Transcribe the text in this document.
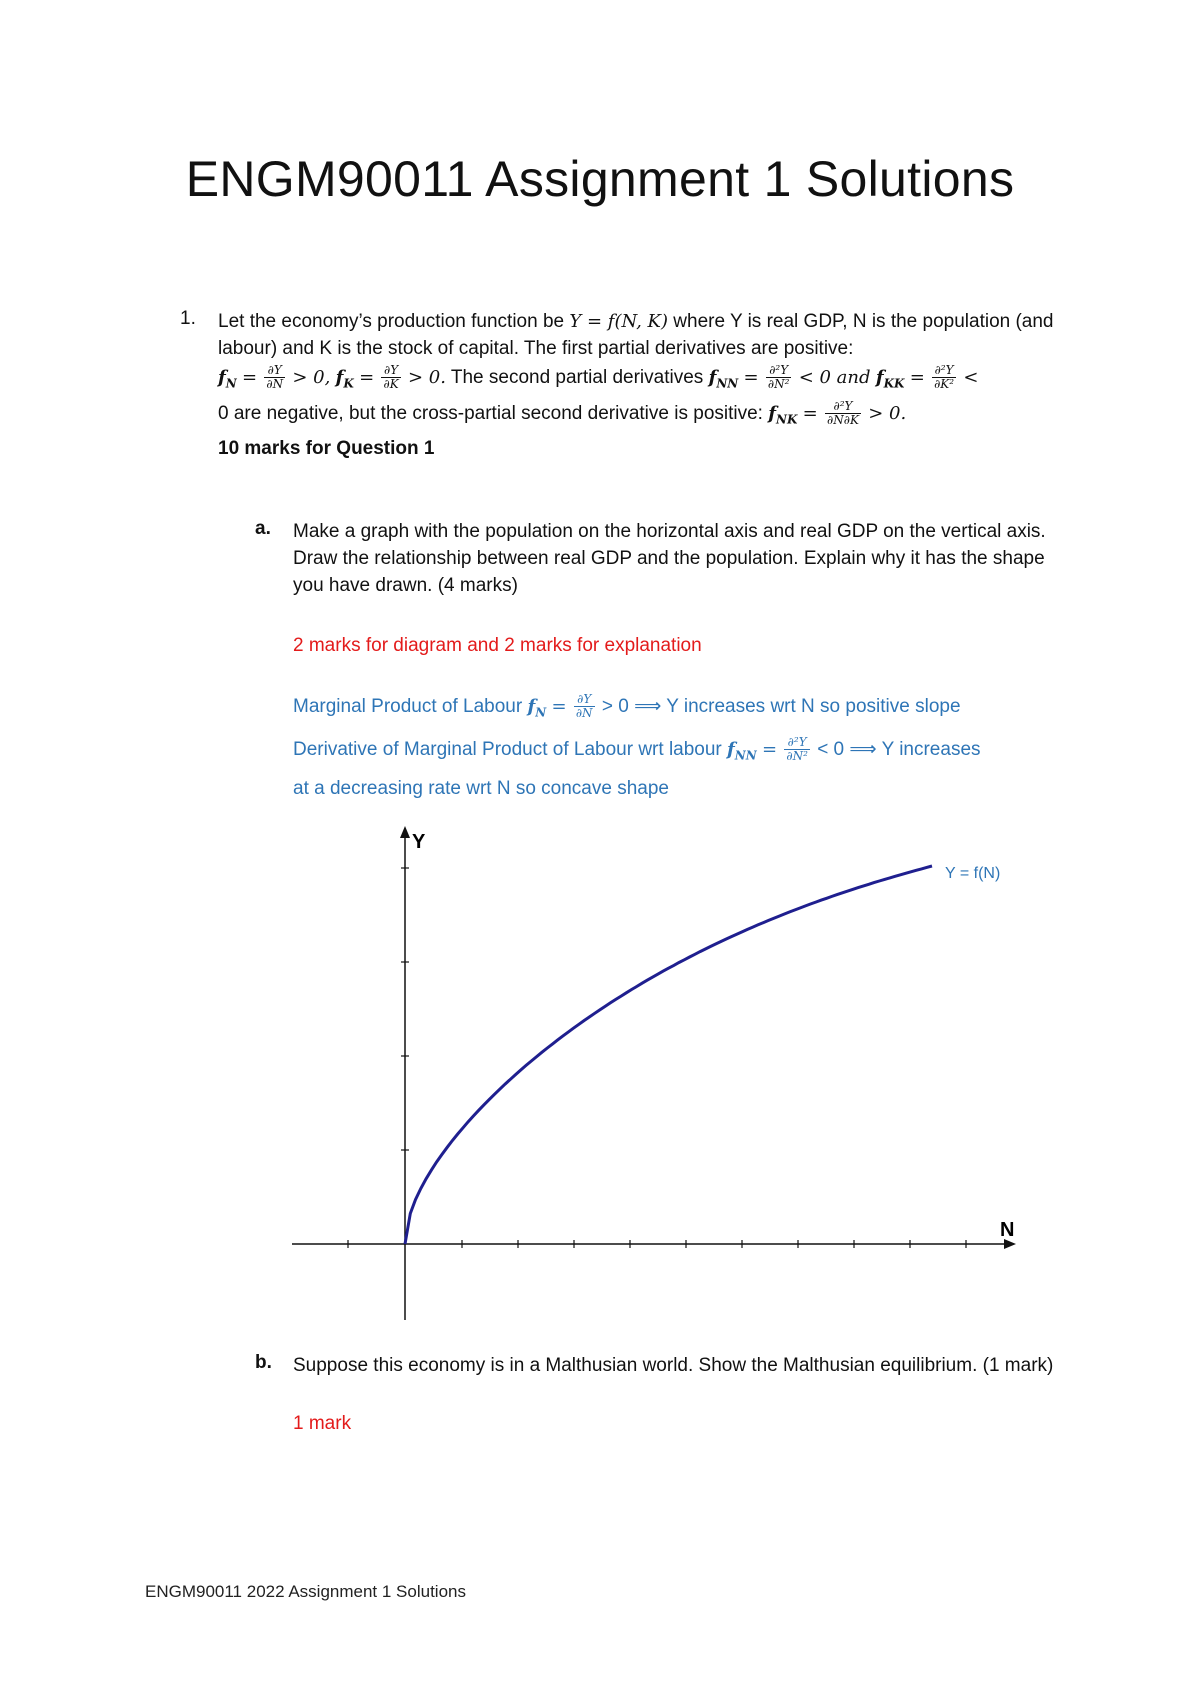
ENGM90011 Assignment 1 Solutions
1. Let the economy’s production function be Y = f(N, K) where Y is real GDP, N is the population (and labour) and K is the stock of capital. The first partial derivatives are positive:
$f_N = \frac{\partial Y}{\partial N} > 0$, $f_K = \frac{\partial Y}{\partial K} > 0$. The second partial derivatives $f_{NN} = \frac{\text{∂²Y}}{\text{∂N²}} < 0$ and $f_{KK} = \frac{\text{∂²Y}}{\text{∂K²}}$ <
0 are negative, but the cross-partial second derivative is positive: $f_{NK} = \frac{\text{∂²Y}}{\partial N\partial K} > 0$.
10 marks for Question 1
a. Make a graph with the population on the horizontal axis and real GDP on the vertical axis. Draw the relationship between real GDP and the population. Explain why it has the shape you have drawn. (4 marks)
2 marks for diagram and 2 marks for explanation
Marginal Product of Labour $f_N = \frac{\partial Y}{\partial N} > 0$ ⟹ Y increases wrt N so positive slope
Derivative of Marginal Product of Labour wrt labour $f_{NN} = \frac{\text{∂²Y}}{\text{∂N²}} < 0$ ⟹ Y increases
at a decreasing rate wrt N so concave shape
Y
N
Y = f(N)
b. Suppose this economy is in a Malthusian world. Show the Malthusian equilibrium. (1 mark)
1 mark
ENGM90011 2022 Assignment 1 Solutions
